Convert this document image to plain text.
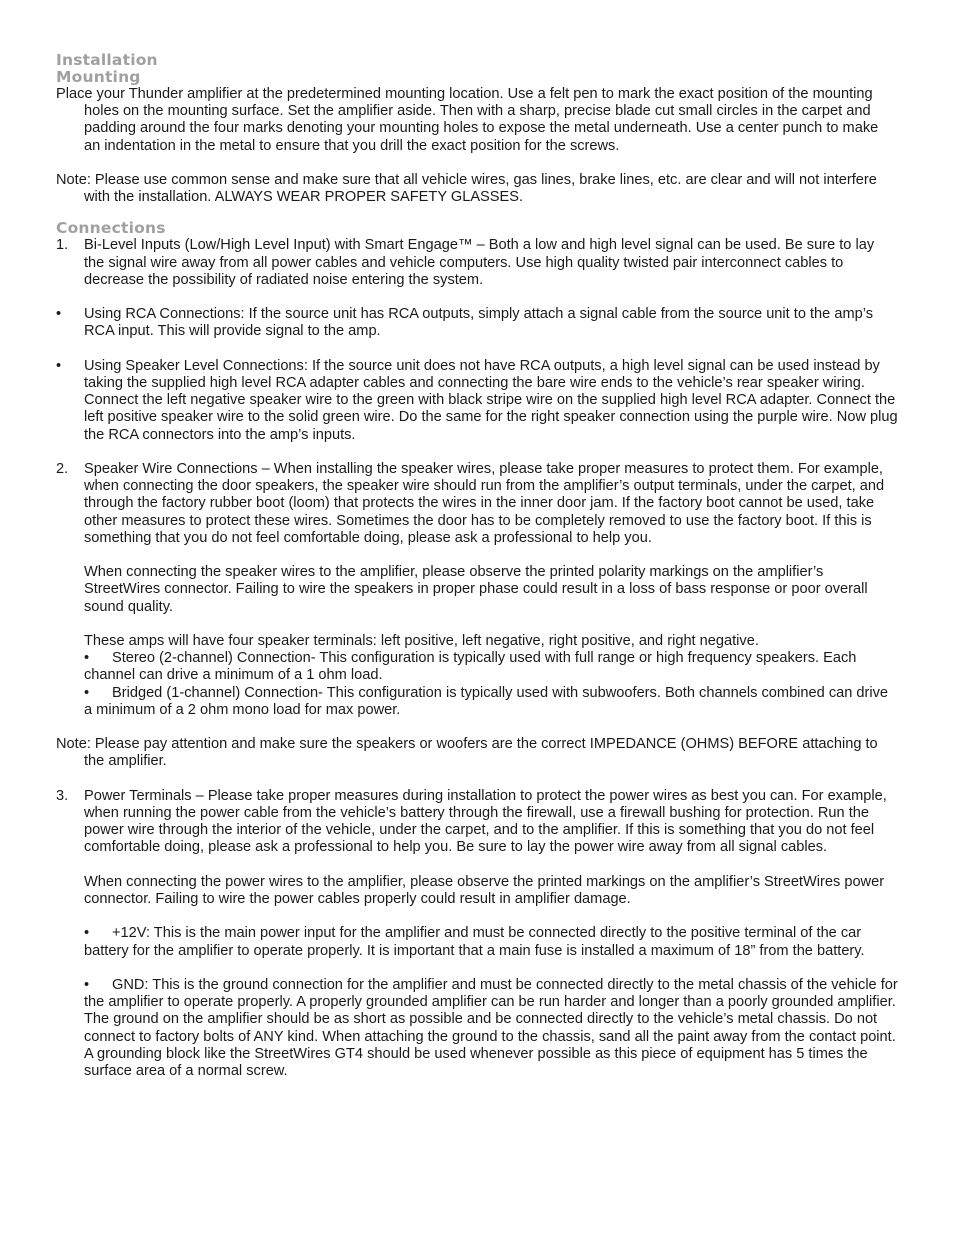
Installation
Mounting

Place your Thunder amplifier at the predetermined mounting location. Use a felt pen to mark the exact position of the mounting holes on the mounting surface. Set the amplifier aside. Then with a sharp, precise blade cut small circles in the carpet and padding around the four marks denoting your mounting holes to expose the metal underneath. Use a center punch to make an indentation in the metal to ensure that you drill the exact position for the screws.

Note: Please use common sense and make sure that all vehicle wires, gas lines, brake lines, etc. are clear and will not interfere with the installation. ALWAYS WEAR PROPER SAFETY GLASSES.

Connections

1. Bi-Level Inputs (Low/High Level Input) with Smart Engage™ – Both a low and high level signal can be used. Be sure to lay the signal wire away from all power cables and vehicle computers. Use high quality twisted pair interconnect cables to decrease the possibility of radiated noise entering the system.

• Using RCA Connections: If the source unit has RCA outputs, simply attach a signal cable from the source unit to the amp’s RCA input. This will provide signal to the amp.

• Using Speaker Level Connections: If the source unit does not have RCA outputs, a high level signal can be used instead by taking the supplied high level RCA adapter cables and connecting the bare wire ends to the vehicle’s rear speaker wiring. Connect the left negative speaker wire to the green with black stripe wire on the supplied high level RCA adapter. Connect the left positive speaker wire to the solid green wire. Do the same for the right speaker connection using the purple wire. Now plug the RCA connectors into the amp’s inputs.

2. Speaker Wire Connections – When installing the speaker wires, please take proper measures to protect them. For example, when connecting the door speakers, the speaker wire should run from the amplifier’s output terminals, under the carpet, and through the factory rubber boot (loom) that protects the wires in the inner door jam. If the factory boot cannot be used, take other measures to protect these wires. Sometimes the door has to be completely removed to use the factory boot. If this is something that you do not feel comfortable doing, please ask a professional to help you.

When connecting the speaker wires to the amplifier, please observe the printed polarity markings on the amplifier’s StreetWires connector. Failing to wire the speakers in proper phase could result in a loss of bass response or poor overall sound quality.

These amps will have four speaker terminals: left positive, left negative, right positive, and right negative.

• Stereo (2-channel) Connection- This configuration is typically used with full range or high frequency speakers. Each channel can drive a minimum of a 1 ohm load.

• Bridged (1-channel) Connection- This configuration is typically used with subwoofers. Both channels combined can drive a minimum of a 2 ohm mono load for max power.

Note: Please pay attention and make sure the speakers or woofers are the correct IMPEDANCE (OHMS) BEFORE attaching to the amplifier.

3. Power Terminals – Please take proper measures during installation to protect the power wires as best you can. For example, when running the power cable from the vehicle’s battery through the firewall, use a firewall bushing for protection. Run the power wire through the interior of the vehicle, under the carpet, and to the amplifier. If this is something that you do not feel comfortable doing, please ask a professional to help you. Be sure to lay the power wire away from all signal cables.

When connecting the power wires to the amplifier, please observe the printed markings on the amplifier’s StreetWires power connector. Failing to wire the power cables properly could result in amplifier damage.

• +12V: This is the main power input for the amplifier and must be connected directly to the positive terminal of the car battery for the amplifier to operate properly. It is important that a main fuse is installed a maximum of 18” from the battery.

• GND: This is the ground connection for the amplifier and must be connected directly to the metal chassis of the vehicle for the amplifier to operate properly. A properly grounded amplifier can be run harder and longer than a poorly grounded amplifier. The ground on the amplifier should be as short as possible and be connected directly to the vehicle’s metal chassis. Do not connect to factory bolts of ANY kind. When attaching the ground to the chassis, sand all the paint away from the contact point. A grounding block like the StreetWires GT4 should be used whenever possible as this piece of equipment has 5 times the surface area of a normal screw.
